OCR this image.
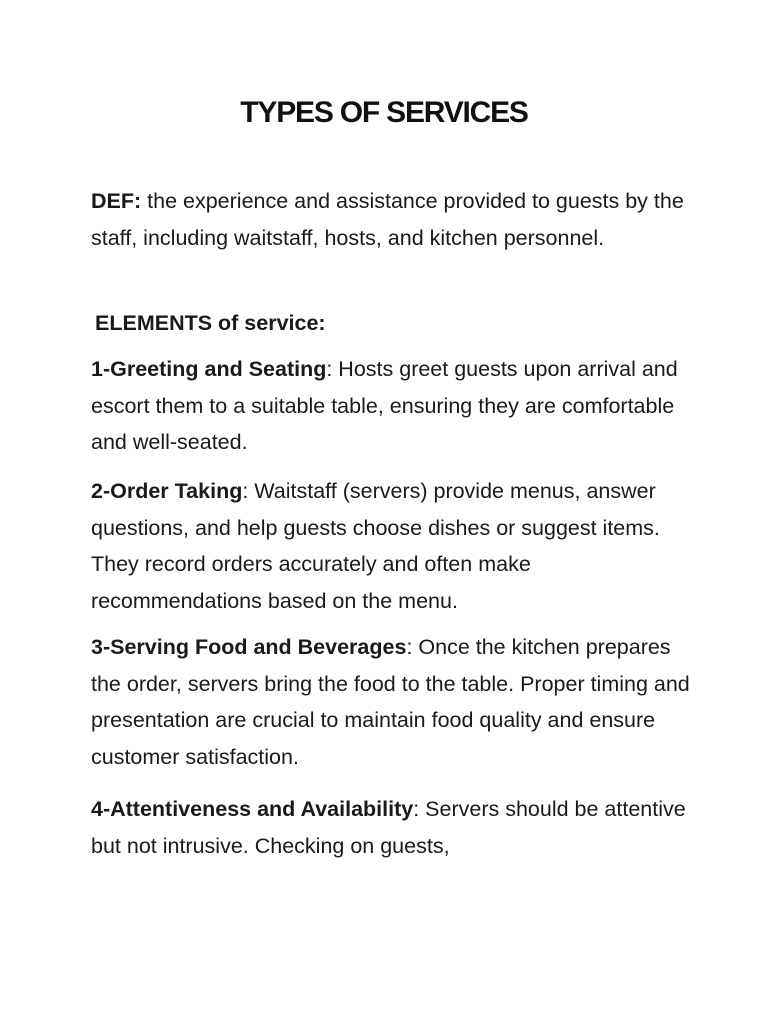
TYPES OF SERVICES

DEF: the experience and assistance provided to guests by the staff, including waitstaff, hosts, and kitchen personnel.

ELEMENTS of service:

1-Greeting and Seating: Hosts greet guests upon arrival and escort them to a suitable table, ensuring they are comfortable and well-seated.

2-Order Taking: Waitstaff (servers) provide menus, answer questions, and help guests choose dishes or suggest items. They record orders accurately and often make recommendations based on the menu.

3-Serving Food and Beverages: Once the kitchen prepares the order, servers bring the food to the table. Proper timing and presentation are crucial to maintain food quality and ensure customer satisfaction.

4-Attentiveness and Availability: Servers should be attentive but not intrusive. Checking on guests,
